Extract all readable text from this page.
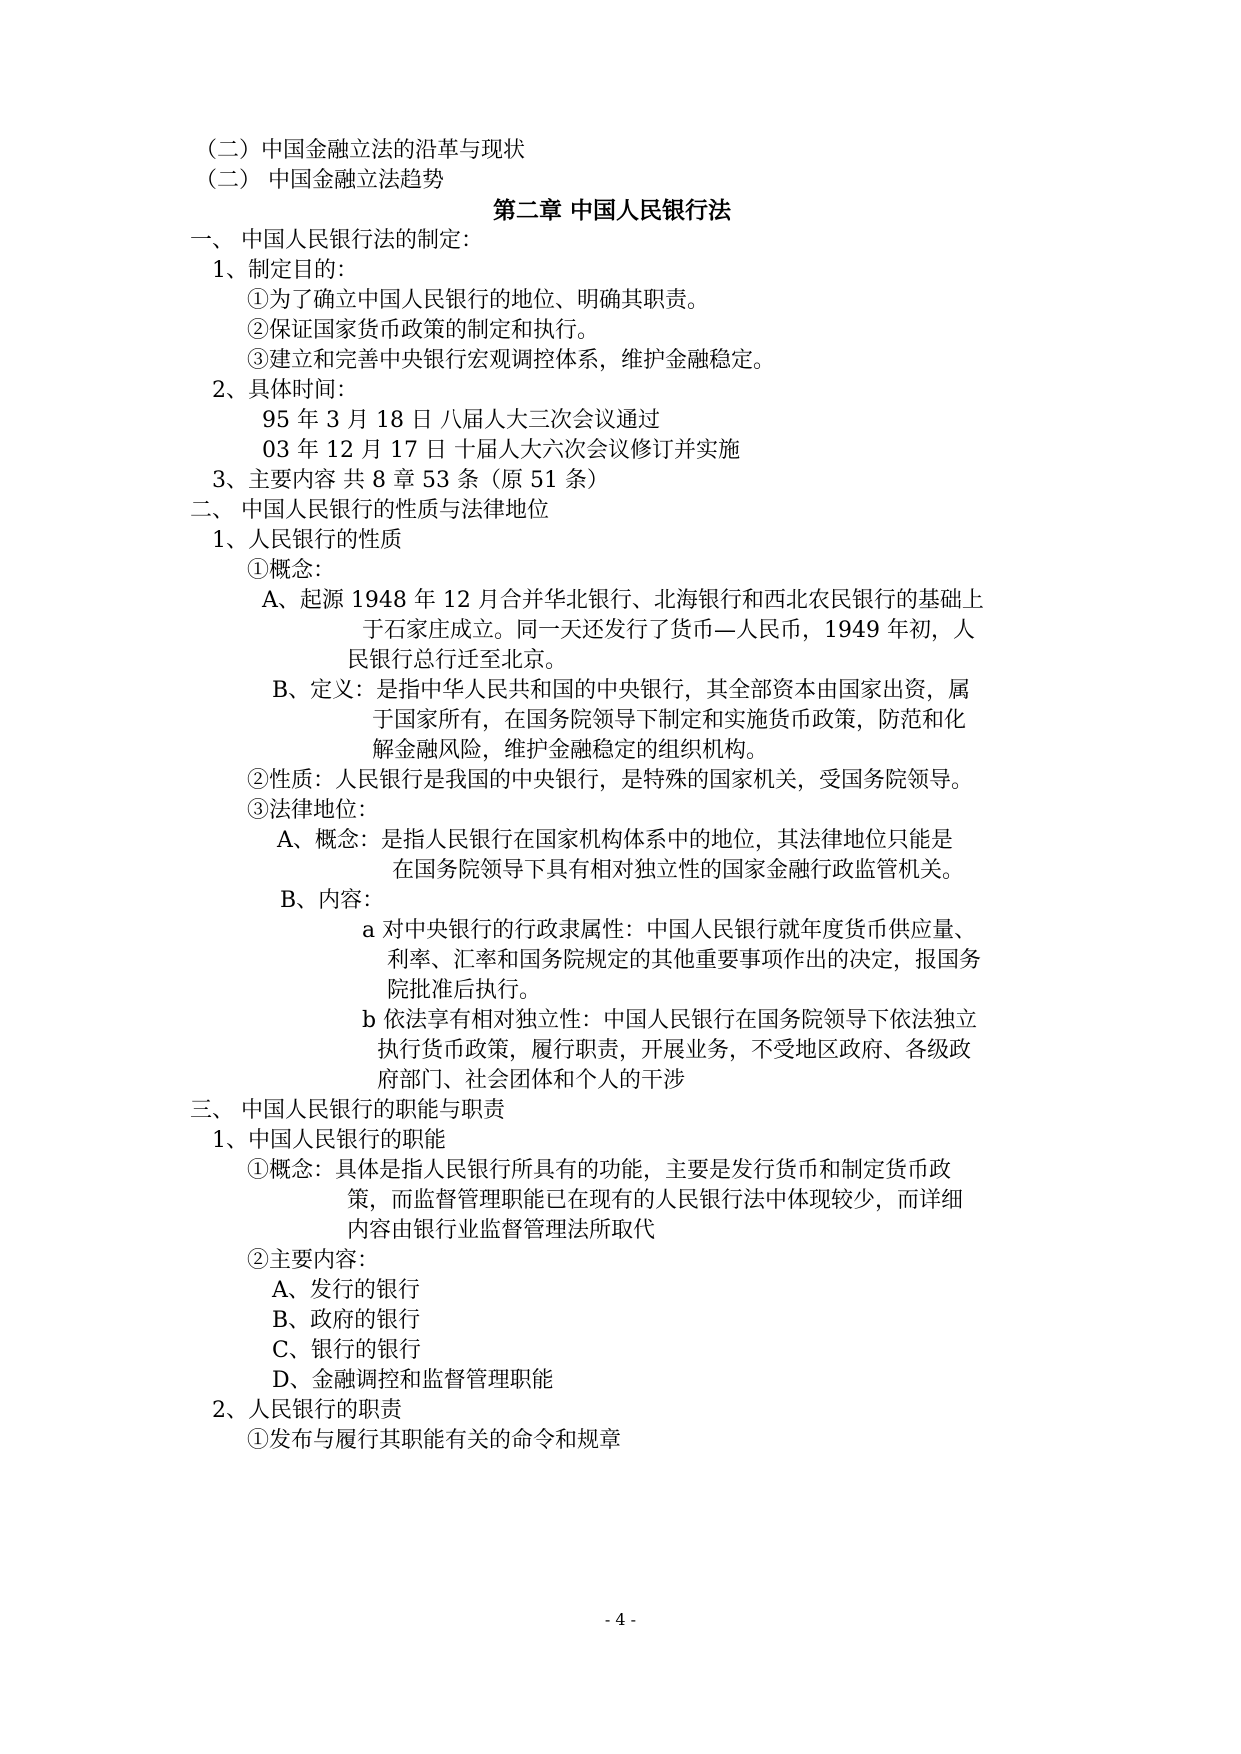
（二）中国金融立法的沿革与现状
（二） 中国金融立法趋势
第二章 中国人民银行法
一、 中国人民银行法的制定：
1、制定目的：
①为了确立中国人民银行的地位、明确其职责。
②保证国家货币政策的制定和执行。
③建立和完善中央银行宏观调控体系，维护金融稳定。
2、具体时间：
95 年 3 月 18 日 八届人大三次会议通过
03 年 12 月 17 日 十届人大六次会议修订并实施
3、主要内容 共 8 章 53 条（原 51 条）
二、 中国人民银行的性质与法律地位
1、人民银行的性质
①概念：
A、起源 1948 年 12 月合并华北银行、北海银行和西北农民银行的基础上
于石家庄成立。同一天还发行了货币—人民币，1949 年初，人
民银行总行迁至北京。
B、定义：是指中华人民共和国的中央银行，其全部资本由国家出资，属
于国家所有，在国务院领导下制定和实施货币政策，防范和化
解金融风险，维护金融稳定的组织机构。
②性质：人民银行是我国的中央银行，是特殊的国家机关，受国务院领导。
③法律地位：
A、概念：是指人民银行在国家机构体系中的地位，其法律地位只能是
在国务院领导下具有相对独立性的国家金融行政监管机关。
B、内容：
a 对中央银行的行政隶属性：中国人民银行就年度货币供应量、
利率、汇率和国务院规定的其他重要事项作出的决定，报国务
院批准后执行。
b 依法享有相对独立性：中国人民银行在国务院领导下依法独立
执行货币政策，履行职责，开展业务，不受地区政府、各级政
府部门、社会团体和个人的干涉
三、 中国人民银行的职能与职责
1、中国人民银行的职能
①概念：具体是指人民银行所具有的功能，主要是发行货币和制定货币政
策，而监督管理职能已在现有的人民银行法中体现较少，而详细
内容由银行业监督管理法所取代
②主要内容：
A、发行的银行
B、政府的银行
C、银行的银行
D、金融调控和监督管理职能
2、人民银行的职责
①发布与履行其职能有关的命令和规章
- 4 -
